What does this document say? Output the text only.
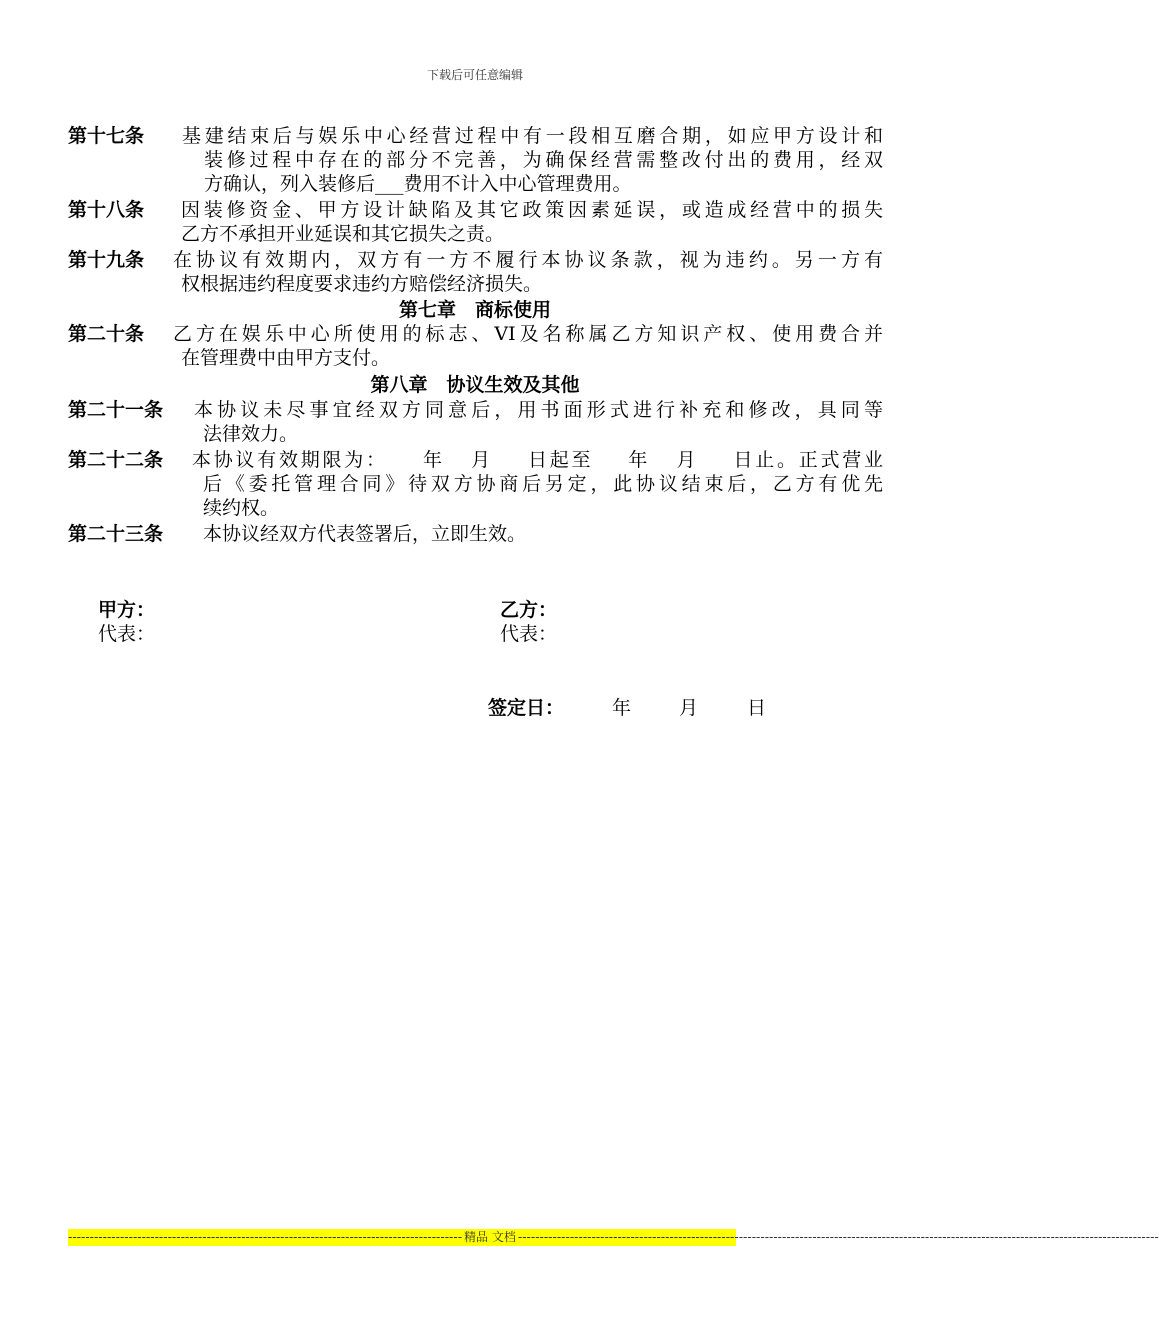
下载后可任意编辑
第十七条 基建结束后与娱乐中心经营过程中有一段相互磨合期，如应甲方设计和
装修过程中存在的部分不完善，为确保经营需整改付出的费用，经双
方确认，列入装修后___费用不计入中心管理费用。
第十八条 因装修资金、甲方设计缺陷及其它政策因素延误，或造成经营中的损失
乙方不承担开业延误和其它损失之责。
第十九条 在协议有效期内，双方有一方不履行本协议条款，视为违约。另一方有
权根据违约程度要求违约方赔偿经济损失。
第七章　商标使用
第二十条 乙方在娱乐中心所使用的标志、VI及名称属乙方知识产权、使用费合并
在管理费中由甲方支付。
第八章　协议生效及其他
第二十一条 本协议未尽事宜经双方同意后，用书面形式进行补充和修改，具同等
法律效力。
第二十二条 本协议有效期限为：    年   月    日起至    年   月    日止。正式营业
后《委托管理合同》待双方协商后另定，此协议结束后，乙方有优先
续约权。
第二十三条 本协议经双方代表签署后，立即生效。
甲方：
代表：
乙方：
代表：
签定日：	年	月	日
------------------------------------------------------------------------------------------- 精品 文档 ----------------------------------------------------------------------------------------------------------------------------------------------------
